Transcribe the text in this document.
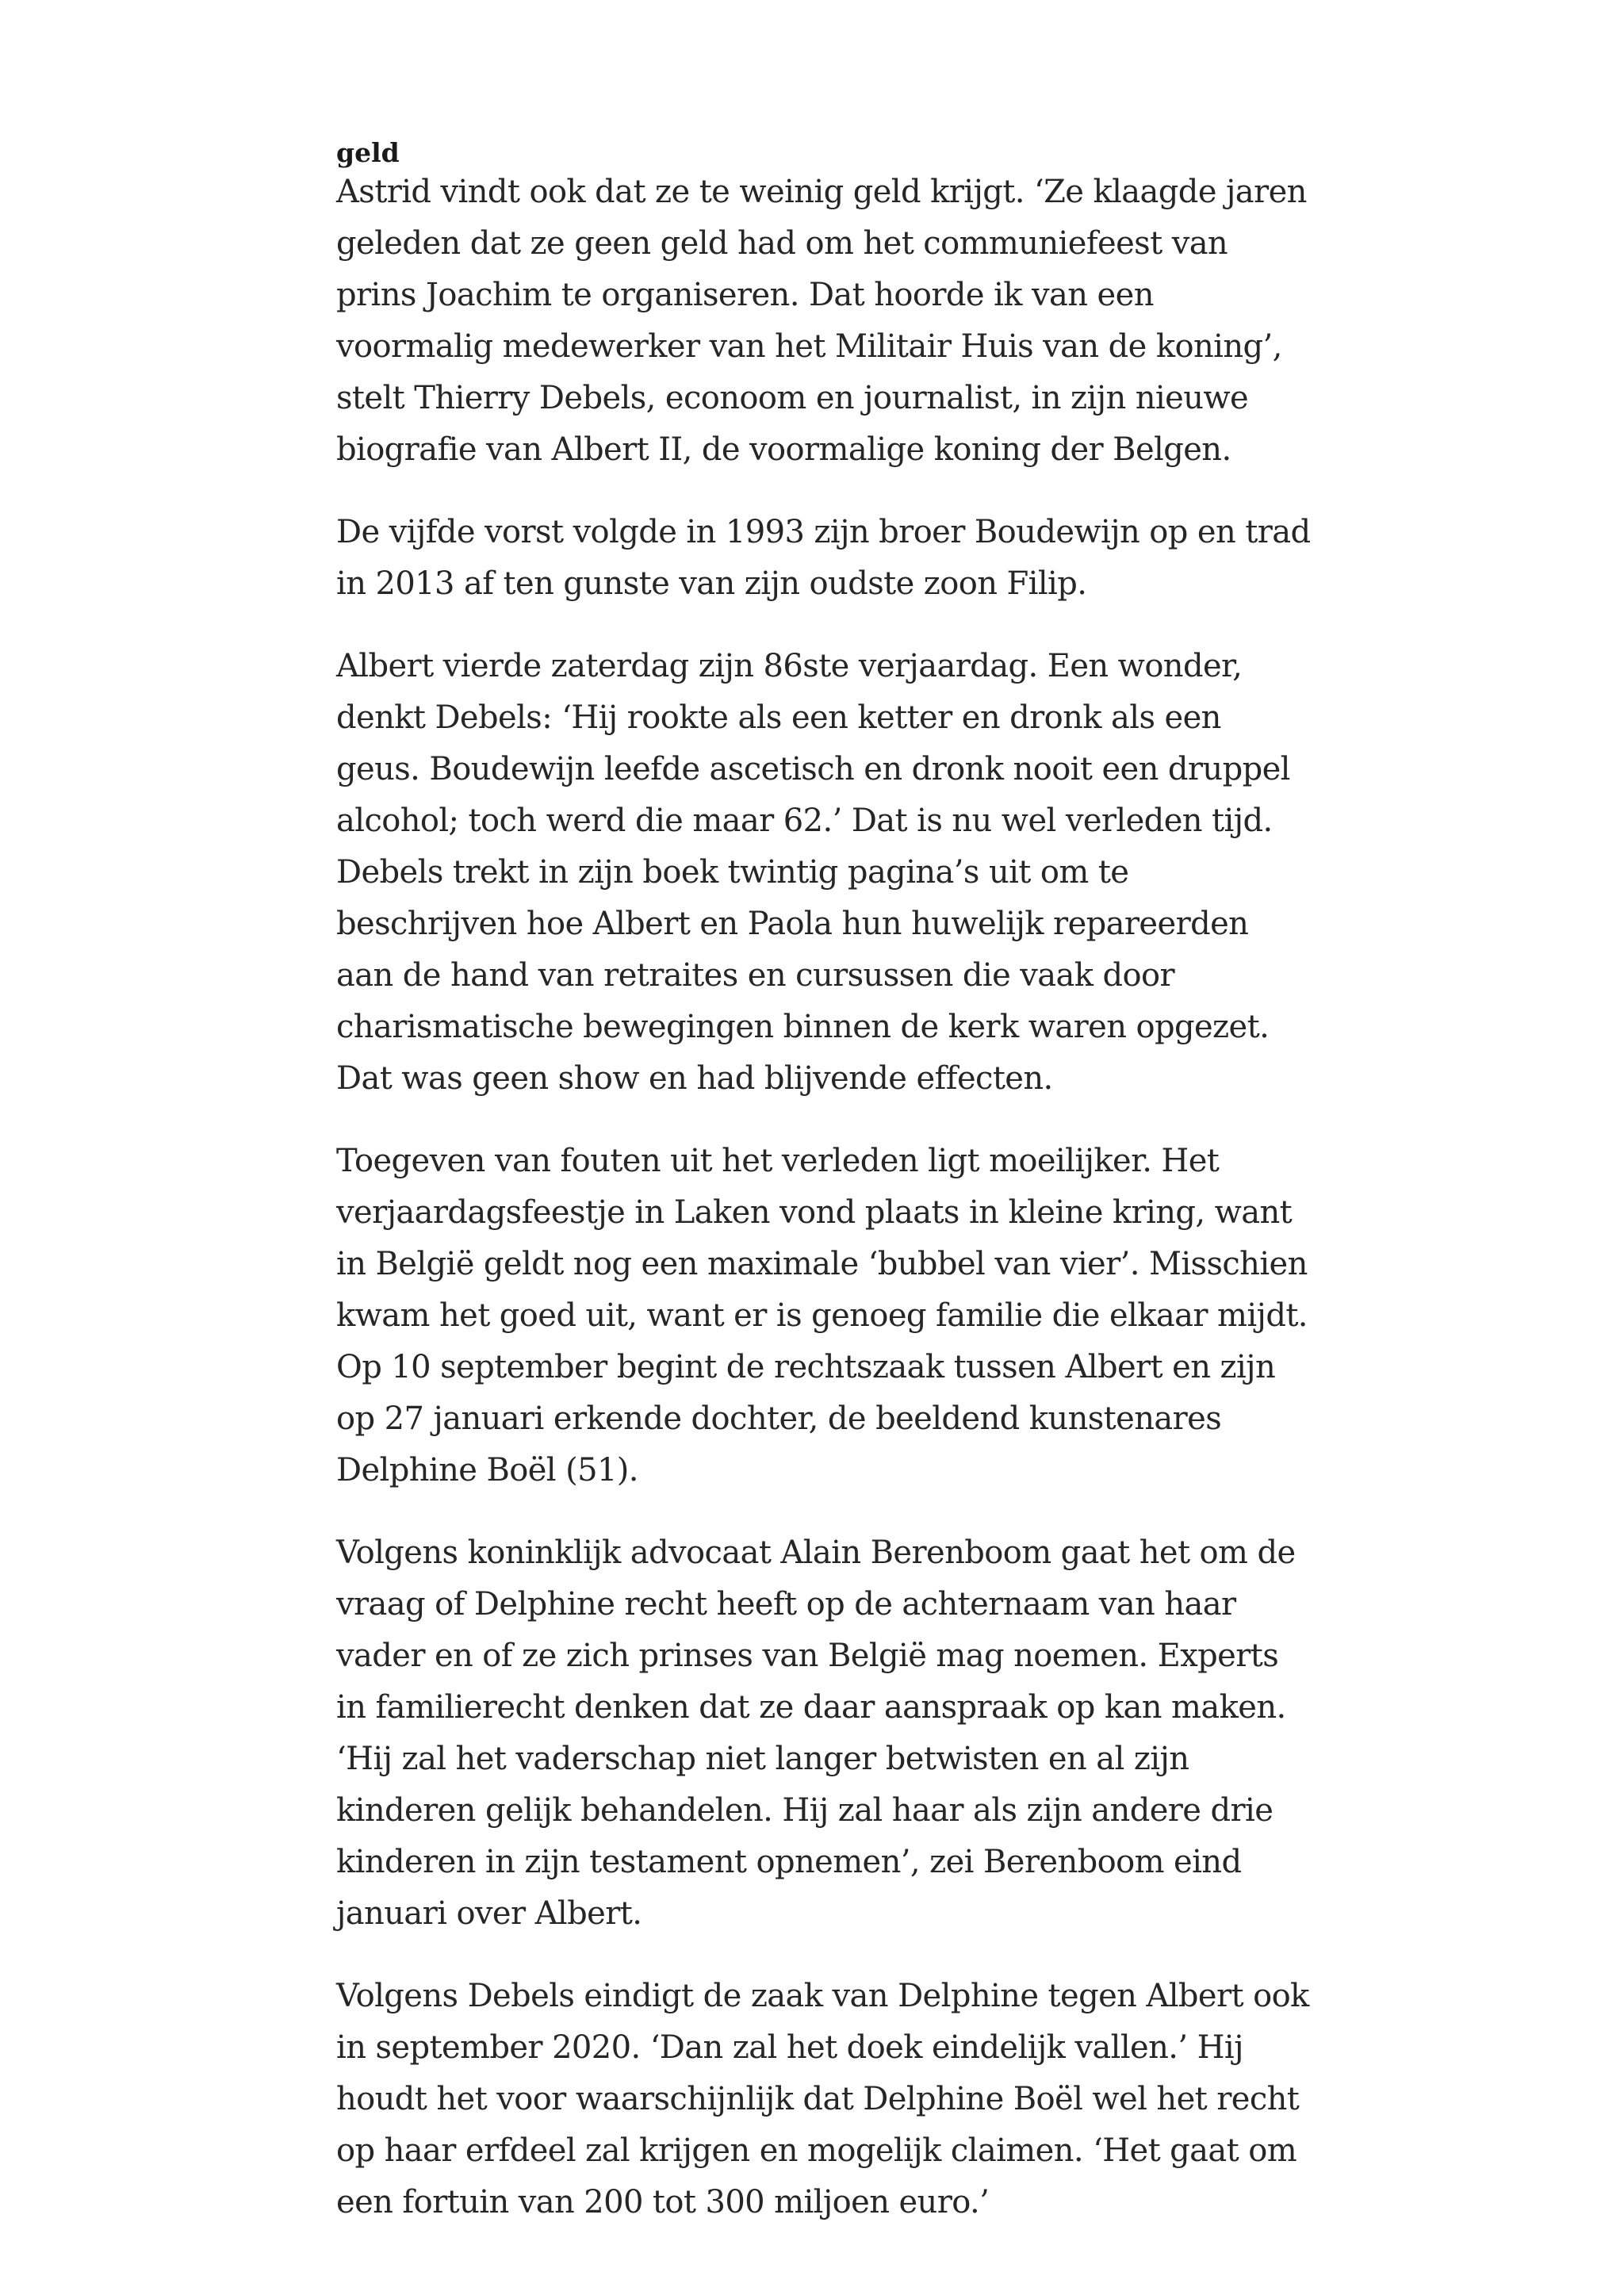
geld

Astrid vindt ook dat ze te weinig geld krijgt. ‘Ze klaagde jaren geleden dat ze geen geld had om het communiefeest van prins Joachim te organiseren. Dat hoorde ik van een voormalig medewerker van het Militair Huis van de koning’, stelt Thierry Debels, econoom en journalist, in zijn nieuwe biografie van Albert II, de voormalige koning der Belgen.

De vijfde vorst volgde in 1993 zijn broer Boudewijn op en trad in 2013 af ten gunste van zijn oudste zoon Filip.

Albert vierde zaterdag zijn 86ste verjaardag. Een wonder, denkt Debels: ‘Hij rookte als een ketter en dronk als een geus. Boudewijn leefde ascetisch en dronk nooit een druppel alcohol; toch werd die maar 62.’ Dat is nu wel verleden tijd. Debels trekt in zijn boek twintig pagina’s uit om te beschrijven hoe Albert en Paola hun huwelijk repareerden aan de hand van retraites en cursussen die vaak door charismatische bewegingen binnen de kerk waren opgezet. Dat was geen show en had blijvende effecten.

Toegeven van fouten uit het verleden ligt moeilijker. Het verjaardagsfeestje in Laken vond plaats in kleine kring, want in België geldt nog een maximale ‘bubbel van vier’. Misschien kwam het goed uit, want er is genoeg familie die elkaar mijdt. Op 10 september begint de rechtszaak tussen Albert en zijn op 27 januari erkende dochter, de beeldend kunstenares Delphine Boël (51).

Volgens koninklijk advocaat Alain Berenboom gaat het om de vraag of Delphine recht heeft op de achternaam van haar vader en of ze zich prinses van België mag noemen. Experts in familierecht denken dat ze daar aanspraak op kan maken. ‘Hij zal het vaderschap niet langer betwisten en al zijn kinderen gelijk behandelen. Hij zal haar als zijn andere drie kinderen in zijn testament opnemen’, zei Berenboom eind januari over Albert.

Volgens Debels eindigt de zaak van Delphine tegen Albert ook in september 2020. ‘Dan zal het doek eindelijk vallen.’ Hij houdt het voor waarschijnlijk dat Delphine Boël wel het recht op haar erfdeel zal krijgen en mogelijk claimen. ‘Het gaat om een fortuin van 200 tot 300 miljoen euro.’
